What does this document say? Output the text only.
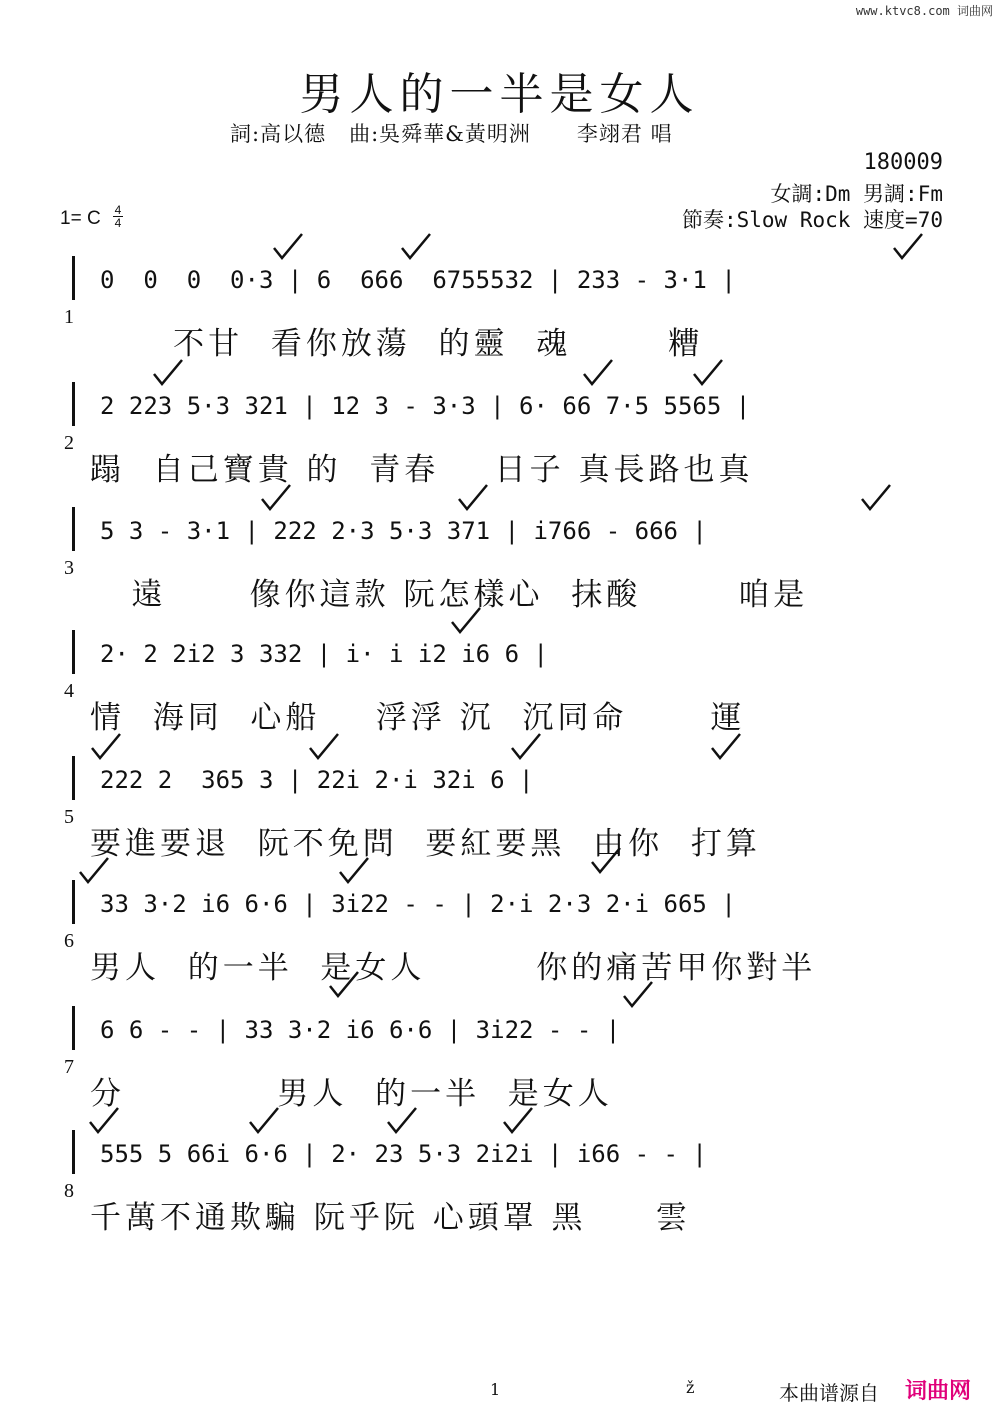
www.ktvc8.com 词曲网
男人的一半是女人
詞:高以德   曲:吳舜華&黃明洲      李翊君 唱
180009
女調:Dm 男調:Fm
節奏:Slow Rock 速度=70
1= C 4
4
0  0  0  0·3 | 6  666  6755532 | 233 - 3·1 |
1
不甘  看你放蕩  的靈  魂       糟
2 223 5·3 321 | 12 3 - 3·3 | 6· 66 7·5 5565 |
2
蹋  自己寶貴 的  青春    日子 真長路也真
5 3 - 3·1 | 222 2·3 5·3 371 | i766 - 666 |
3
遠      像你這款 阮怎樣心  抹酸       咱是
2· 2 2i2 3 332 | i· i i2 i6 6 |
4
情  海同  心船    浮浮 沉  沉同命      運
222 2  365 3 | 22i 2·i 32i 6 |
5
要進要退  阮不免問  要紅要黑  由你  打算
33 3·2 i6 6·6 | 3i22 - - | 2·i 2·3 2·i 665 |
6
男人  的一半  是女人        你的痛苦甲你對半
6 6 - - | 33 3·2 i6 6·6 | 3i22 - - |
7
分           男人  的一半  是女人
555 5 66i 6·6 | 2· 23 5·3 2i2i | i66 - - |
8
千萬不通欺騙 阮乎阮 心頭罩 黑     雲
1	ž	本曲谱源自 词曲网
